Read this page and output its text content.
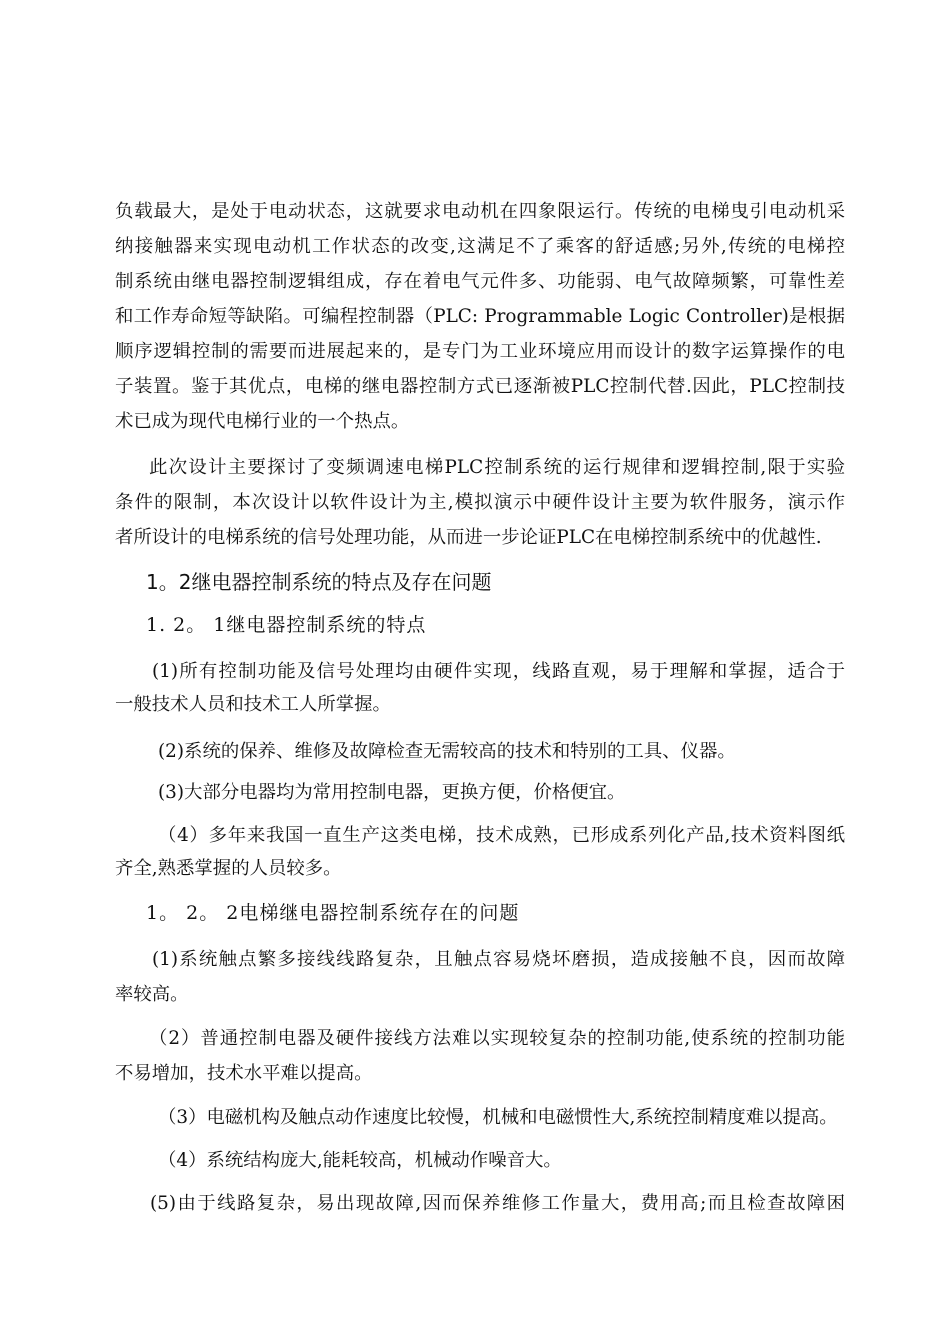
负载最大，是处于电动状态，这就要求电动机在四象限运行。传统的电梯曳引电动机采
纳接触器来实现电动机工作状态的改变,这满足不了乘客的舒适感;另外,传统的电梯控
制系统由继电器控制逻辑组成，存在着电气元件多、功能弱、电气故障频繁，可靠性差
和工作寿命短等缺陷。可编程控制器（PLC: Programmable Logic Controller)是根据
顺序逻辑控制的需要而进展起来的，是专门为工业环境应用而设计的数字运算操作的电
子装置。鉴于其优点，电梯的继电器控制方式已逐渐被PLC控制代替.因此，PLC控制技
术已成为现代电梯行业的一个热点。
此次设计主要探讨了变频调速电梯PLC控制系统的运行规律和逻辑控制,限于实验
条件的限制，本次设计以软件设计为主,模拟演示中硬件设计主要为软件服务，演示作
者所设计的电梯系统的信号处理功能，从而进一步论证PLC在电梯控制系统中的优越性.
1。2继电器控制系统的特点及存在问题
1. 2。 1继电器控制系统的特点
(1)所有控制功能及信号处理均由硬件实现，线路直观，易于理解和掌握，适合于
一般技术人员和技术工人所掌握。
(2)系统的保养、维修及故障检查无需较高的技术和特别的工具、仪器。
(3)大部分电器均为常用控制电器，更换方便，价格便宜。
（4）多年来我国一直生产这类电梯，技术成熟，已形成系列化产品,技术资料图纸
齐全,熟悉掌握的人员较多。
1。 2。 2电梯继电器控制系统存在的问题
(1)系统触点繁多接线线路复杂，且触点容易烧坏磨损，造成接触不良，因而故障
率较高。
（2）普通控制电器及硬件接线方法难以实现较复杂的控制功能,使系统的控制功能
不易增加，技术水平难以提高。
（3）电磁机构及触点动作速度比较慢，机械和电磁惯性大,系统控制精度难以提高。
（4）系统结构庞大,能耗较高，机械动作噪音大。
(5)由于线路复杂，易出现故障,因而保养维修工作量大，费用高;而且检查故障困
